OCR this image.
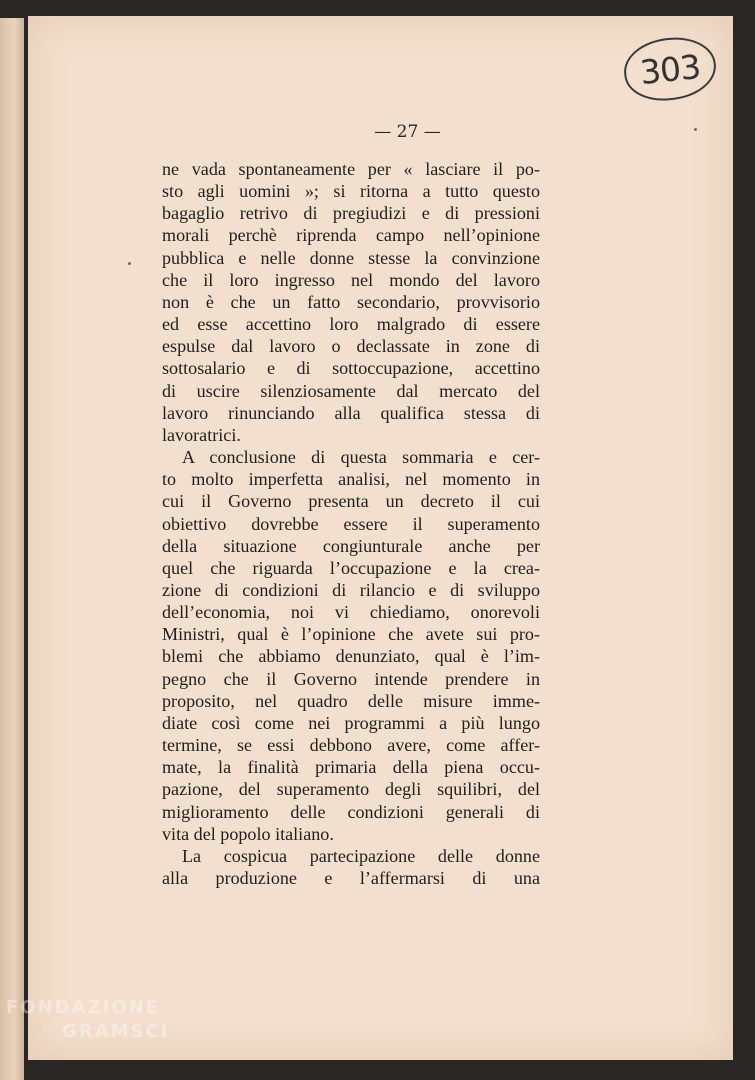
303
— 27 —
ne vada spontaneamente per « lasciare il po-
sto agli uomini »; si ritorna a tutto questo
bagaglio retrivo di pregiudizi e di pressioni
morali perchè riprenda campo nell’opinione
pubblica e nelle donne stesse la convinzione
che il loro ingresso nel mondo del lavoro
non è che un fatto secondario, provvisorio
ed esse accettino loro malgrado di essere
espulse dal lavoro o declassate in zone di
sottosalario e di sottoccupazione, accettino
di uscire silenziosamente dal mercato del
lavoro rinunciando alla qualifica stessa di
lavoratrici.
A conclusione di questa sommaria e cer-
to molto imperfetta analisi, nel momento in
cui il Governo presenta un decreto il cui
obiettivo dovrebbe essere il superamento
della situazione congiunturale anche per
quel che riguarda l’occupazione e la crea-
zione di condizioni di rilancio e di sviluppo
dell’economia, noi vi chiediamo, onorevoli
Ministri, qual è l’opinione che avete sui pro-
blemi che abbiamo denunziato, qual è l’im-
pegno che il Governo intende prendere in
proposito, nel quadro delle misure imme-
diate così come nei programmi a più lungo
termine, se essi debbono avere, come affer-
mate, la finalità primaria della piena occu-
pazione, del superamento degli squilibri, del
miglioramento delle condizioni generali di
vita del popolo italiano.
La cospicua partecipazione delle donne
alla produzione e l’affermarsi di una
FONDAZIONE
GRAMSCI
